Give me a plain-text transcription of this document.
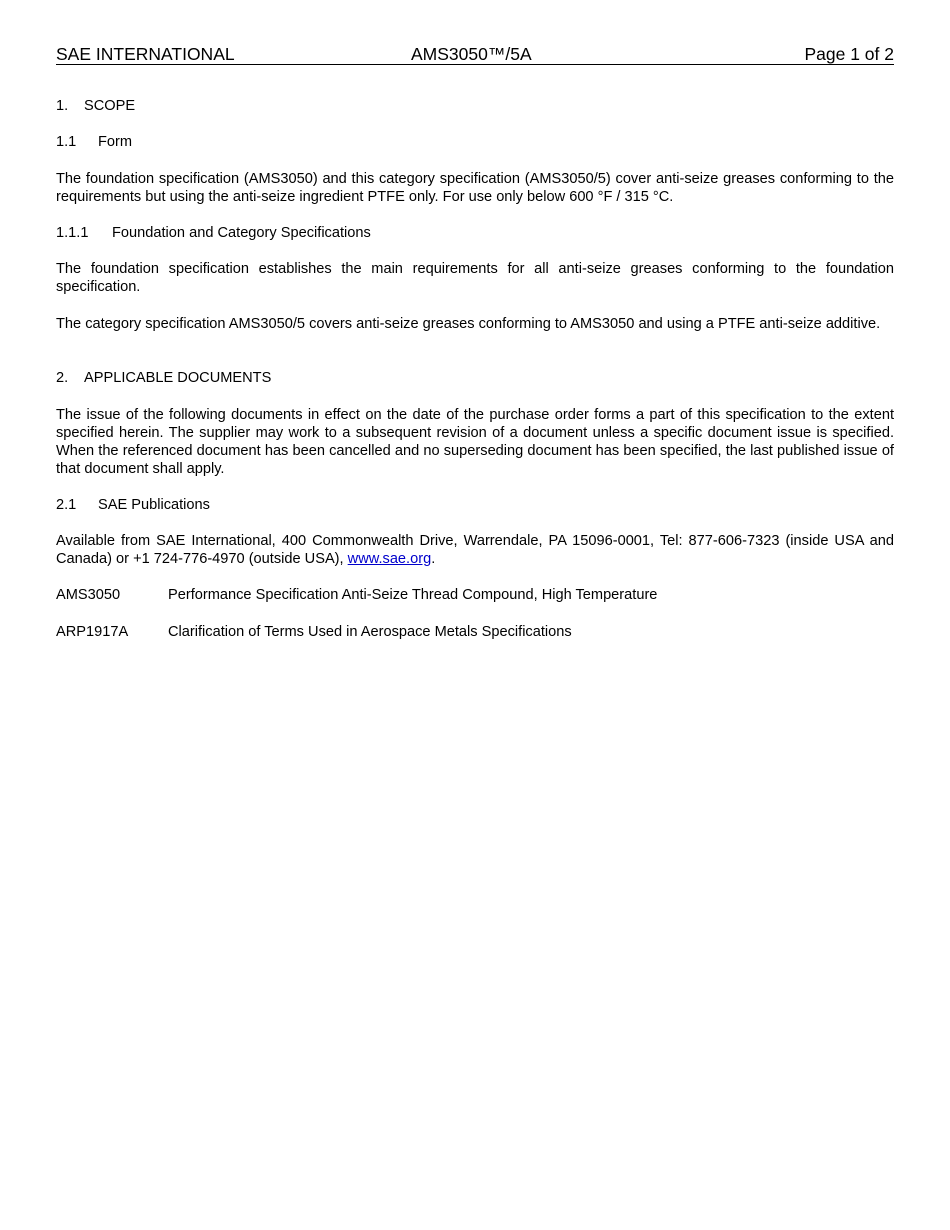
SAE INTERNATIONAL	AMS3050™/5A	Page 1 of 2
1. SCOPE
1.1 Form
The foundation specification (AMS3050) and this category specification (AMS3050/5) cover anti-seize greases conforming to the requirements but using the anti-seize ingredient PTFE only. For use only below 600 °F / 315 °C.
1.1.1 Foundation and Category Specifications
The foundation specification establishes the main requirements for all anti-seize greases conforming to the foundation specification.
The category specification AMS3050/5 covers anti-seize greases conforming to AMS3050 and using a PTFE anti-seize additive.
2. APPLICABLE DOCUMENTS
The issue of the following documents in effect on the date of the purchase order forms a part of this specification to the extent specified herein. The supplier may work to a subsequent revision of a document unless a specific document issue is specified. When the referenced document has been cancelled and no superseding document has been specified, the last published issue of that document shall apply.
2.1 SAE Publications
Available from SAE International, 400 Commonwealth Drive, Warrendale, PA 15096-0001, Tel: 877-606-7323 (inside USA and Canada) or +1 724-776-4970 (outside USA), www.sae.org.
AMS3050	Performance Specification Anti-Seize Thread Compound, High Temperature
ARP1917A	Clarification of Terms Used in Aerospace Metals Specifications
